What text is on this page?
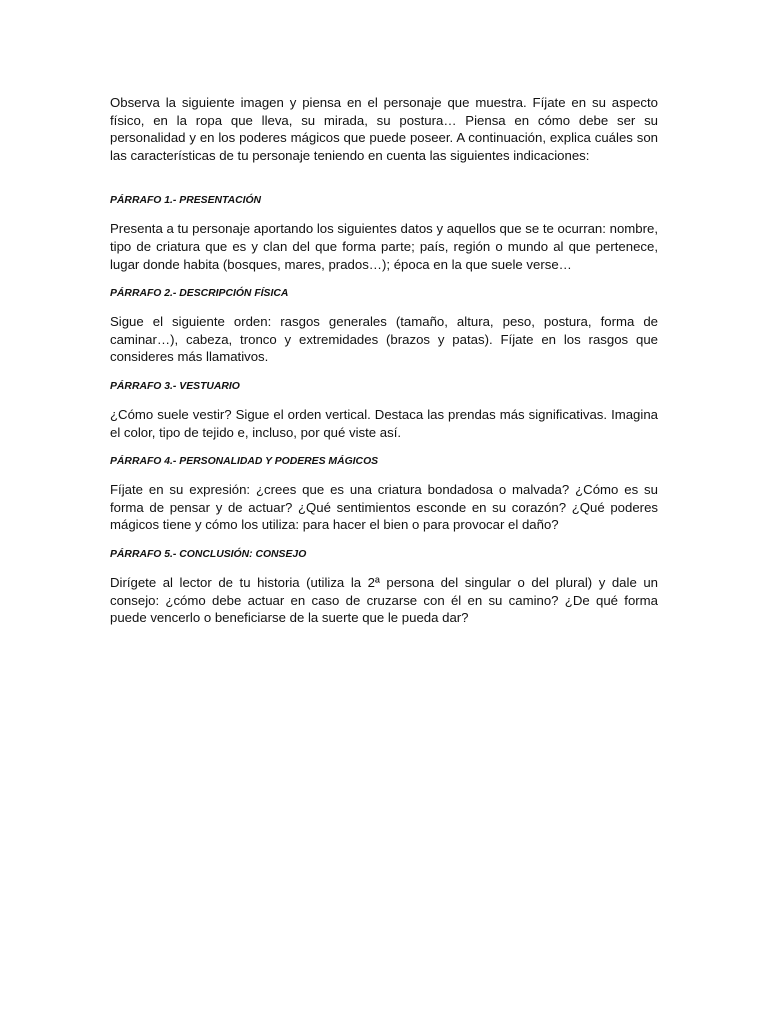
Observa la siguiente imagen y piensa en el personaje que muestra. Fíjate en su aspecto físico, en la ropa que lleva, su mirada, su postura… Piensa en cómo debe ser su personalidad y en los poderes mágicos que puede poseer. A continuación, explica cuáles son las características de tu personaje teniendo en cuenta las siguientes indicaciones:

PÁRRAFO 1.- PRESENTACIÓN

Presenta a tu personaje aportando los siguientes datos y aquellos que se te ocurran: nombre, tipo de criatura que es y clan del que forma parte; país, región o mundo al que pertenece, lugar donde habita (bosques, mares, prados…); época en la que suele verse…

PÁRRAFO 2.- DESCRIPCIÓN FÍSICA

Sigue el siguiente orden: rasgos generales (tamaño, altura, peso, postura, forma de caminar…), cabeza, tronco y extremidades (brazos y patas). Fíjate en los rasgos que consideres más llamativos.

PÁRRAFO 3.- VESTUARIO

¿Cómo suele vestir? Sigue el orden vertical. Destaca las prendas más significativas. Imagina el color, tipo de tejido e, incluso, por qué viste así.

PÁRRAFO 4.- PERSONALIDAD Y PODERES MÁGICOS

Fíjate en su expresión: ¿crees que es una criatura bondadosa o malvada? ¿Cómo es su forma de pensar y de actuar? ¿Qué sentimientos esconde en su corazón? ¿Qué poderes mágicos tiene y cómo los utiliza: para hacer el bien o para provocar el daño?

PÁRRAFO 5.- CONCLUSIÓN: CONSEJO

Dirígete al lector de tu historia (utiliza la 2ª persona del singular o del plural) y dale un consejo: ¿cómo debe actuar en caso de cruzarse con él en su camino? ¿De qué forma puede vencerlo o beneficiarse de la suerte que le pueda dar?
